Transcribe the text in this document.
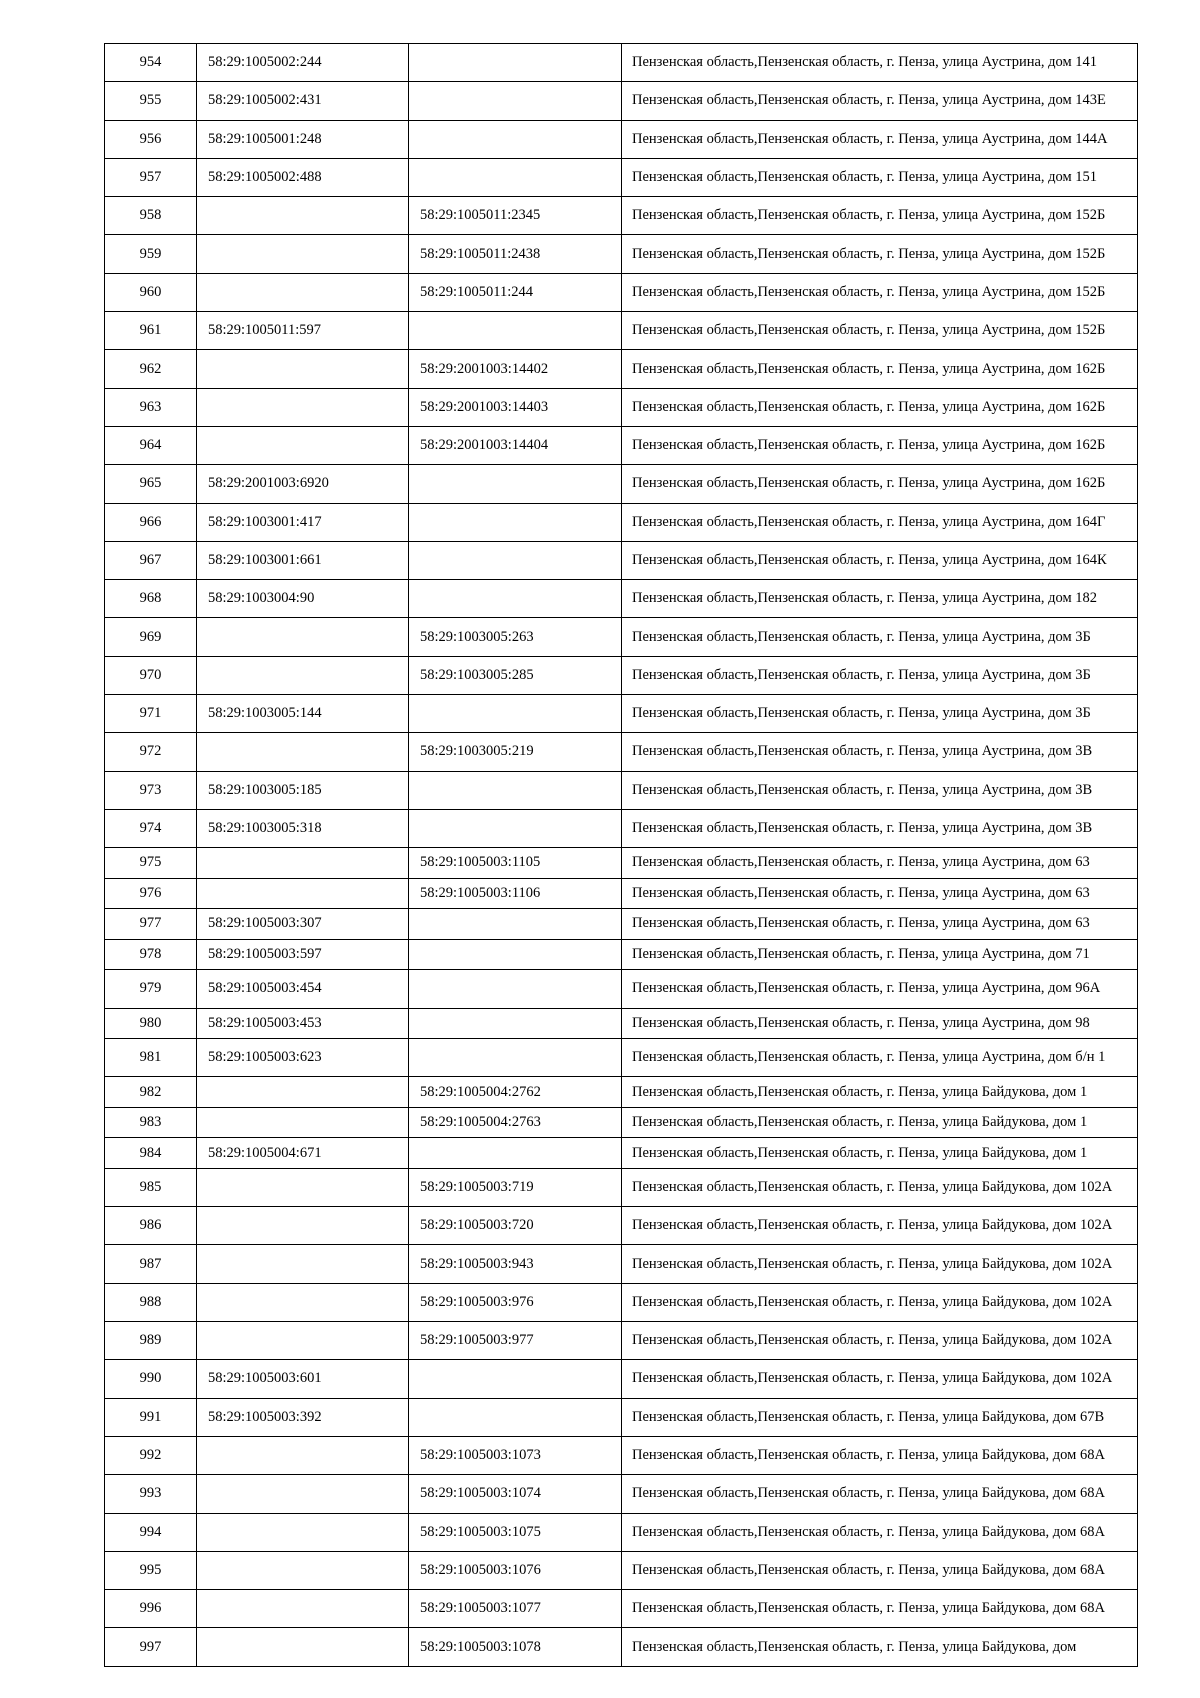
954	58:29:1005002:244		Пензенская область,Пензенская область, г. Пенза, улица Аустрина, дом 141
955	58:29:1005002:431		Пензенская область,Пензенская область, г. Пенза, улица Аустрина, дом 143Е
956	58:29:1005001:248		Пензенская область,Пензенская область, г. Пенза, улица Аустрина, дом 144А
957	58:29:1005002:488		Пензенская область,Пензенская область, г. Пенза, улица Аустрина, дом 151
958		58:29:1005011:2345	Пензенская область,Пензенская область, г. Пенза, улица Аустрина, дом 152Б
959		58:29:1005011:2438	Пензенская область,Пензенская область, г. Пенза, улица Аустрина, дом 152Б
960		58:29:1005011:244	Пензенская область,Пензенская область, г. Пенза, улица Аустрина, дом 152Б
961	58:29:1005011:597		Пензенская область,Пензенская область, г. Пенза, улица Аустрина, дом 152Б
962		58:29:2001003:14402	Пензенская область,Пензенская область, г. Пенза, улица Аустрина, дом 162Б
963		58:29:2001003:14403	Пензенская область,Пензенская область, г. Пенза, улица Аустрина, дом 162Б
964		58:29:2001003:14404	Пензенская область,Пензенская область, г. Пенза, улица Аустрина, дом 162Б
965	58:29:2001003:6920		Пензенская область,Пензенская область, г. Пенза, улица Аустрина, дом 162Б
966	58:29:1003001:417		Пензенская область,Пензенская область, г. Пенза, улица Аустрина, дом 164Г
967	58:29:1003001:661		Пензенская область,Пензенская область, г. Пенза, улица Аустрина, дом 164К
968	58:29:1003004:90		Пензенская область,Пензенская область, г. Пенза, улица Аустрина, дом 182
969		58:29:1003005:263	Пензенская область,Пензенская область, г. Пенза, улица Аустрина, дом 3Б
970		58:29:1003005:285	Пензенская область,Пензенская область, г. Пенза, улица Аустрина, дом 3Б
971	58:29:1003005:144		Пензенская область,Пензенская область, г. Пенза, улица Аустрина, дом 3Б
972		58:29:1003005:219	Пензенская область,Пензенская область, г. Пенза, улица Аустрина, дом 3В
973	58:29:1003005:185		Пензенская область,Пензенская область, г. Пенза, улица Аустрина, дом 3В
974	58:29:1003005:318		Пензенская область,Пензенская область, г. Пенза, улица Аустрина, дом 3В
975		58:29:1005003:1105	Пензенская область,Пензенская область, г. Пенза, улица Аустрина, дом 63
976		58:29:1005003:1106	Пензенская область,Пензенская область, г. Пенза, улица Аустрина, дом 63
977	58:29:1005003:307		Пензенская область,Пензенская область, г. Пенза, улица Аустрина, дом 63
978	58:29:1005003:597		Пензенская область,Пензенская область, г. Пенза, улица Аустрина, дом 71
979	58:29:1005003:454		Пензенская область,Пензенская область, г. Пенза, улица Аустрина, дом 96А
980	58:29:1005003:453		Пензенская область,Пензенская область, г. Пенза, улица Аустрина, дом 98
981	58:29:1005003:623		Пензенская область,Пензенская область, г. Пенза, улица Аустрина, дом б/н 1
982		58:29:1005004:2762	Пензенская область,Пензенская область, г. Пенза, улица Байдукова, дом 1
983		58:29:1005004:2763	Пензенская область,Пензенская область, г. Пенза, улица Байдукова, дом 1
984	58:29:1005004:671		Пензенская область,Пензенская область, г. Пенза, улица Байдукова, дом 1
985		58:29:1005003:719	Пензенская область,Пензенская область, г. Пенза, улица Байдукова, дом 102А
986		58:29:1005003:720	Пензенская область,Пензенская область, г. Пенза, улица Байдукова, дом 102А
987		58:29:1005003:943	Пензенская область,Пензенская область, г. Пенза, улица Байдукова, дом 102А
988		58:29:1005003:976	Пензенская область,Пензенская область, г. Пенза, улица Байдукова, дом 102А
989		58:29:1005003:977	Пензенская область,Пензенская область, г. Пенза, улица Байдукова, дом 102А
990	58:29:1005003:601		Пензенская область,Пензенская область, г. Пенза, улица Байдукова, дом 102А
991	58:29:1005003:392		Пензенская область,Пензенская область, г. Пенза, улица Байдукова, дом 67В
992		58:29:1005003:1073	Пензенская область,Пензенская область, г. Пенза, улица Байдукова, дом 68А
993		58:29:1005003:1074	Пензенская область,Пензенская область, г. Пенза, улица Байдукова, дом 68А
994		58:29:1005003:1075	Пензенская область,Пензенская область, г. Пенза, улица Байдукова, дом 68А
995		58:29:1005003:1076	Пензенская область,Пензенская область, г. Пенза, улица Байдукова, дом 68А
996		58:29:1005003:1077	Пензенская область,Пензенская область, г. Пенза, улица Байдукова, дом 68А
997		58:29:1005003:1078	Пензенская область,Пензенская область, г. Пенза, улица Байдукова, дом
